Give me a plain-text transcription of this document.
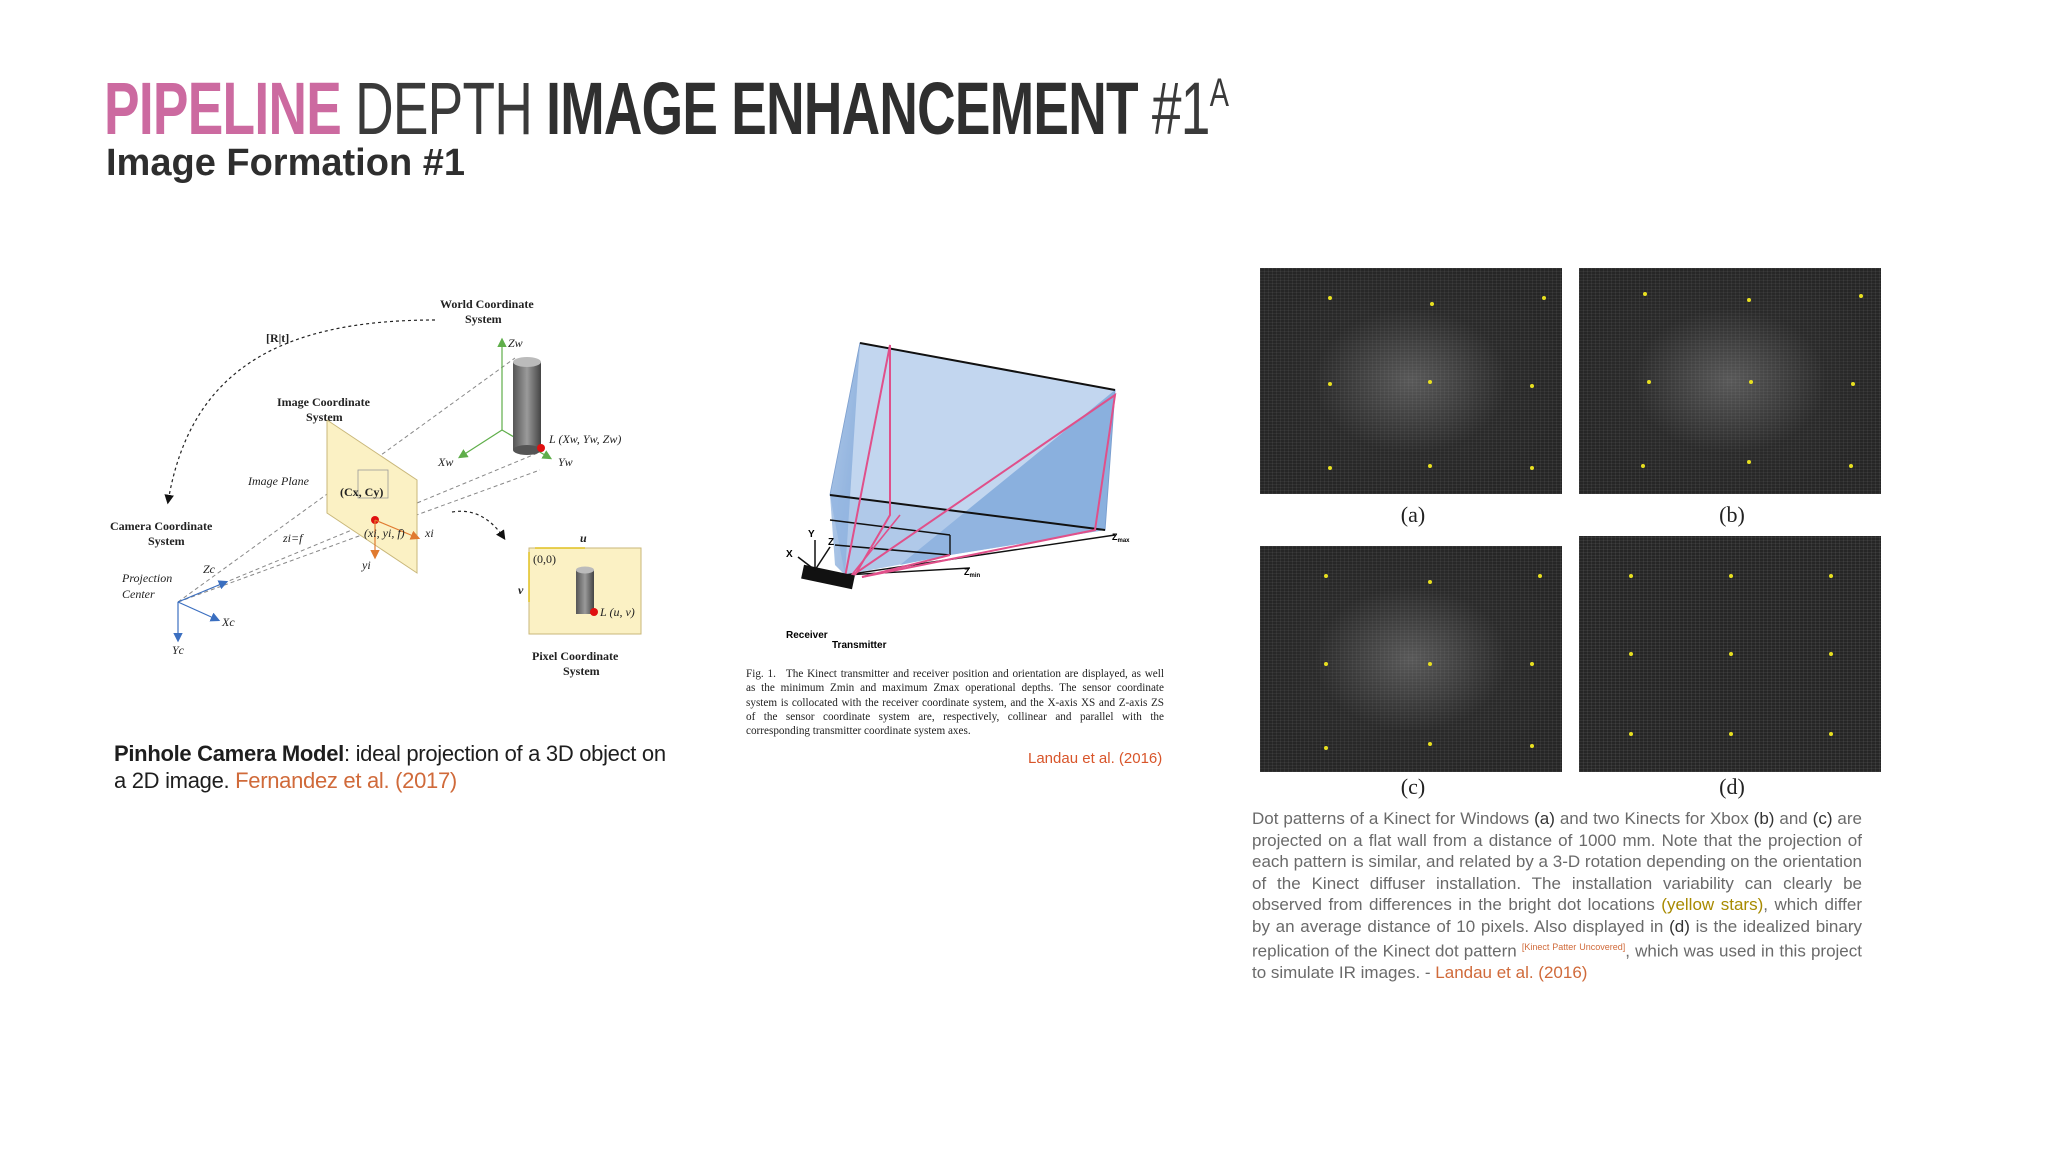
PIPELINE DEPTH IMAGE ENHANCEMENT $\#1^A$
Image Formation #1
World Coordinate
System
[R|t]
Image Coordinate
System
Zw
Xw	Yw
L (Xw, Yw, Zw)
Image Plane
(Cx, Cy)
Camera Coordinate
System	zi=f	(xi, yi, f) xi
yi
Zc
Projection
Center
Xc
Yc
u
v
(0,0)
L (u, v)
Pixel Coordinate
System
Pinhole Camera Model: ideal projection of a 3D object on a 2D image. Fernandez et al. (2017)
$Z_{max}$
$Z_{min}$
X
Y
Z
Receiver
Transmitter
Fig. 1. The Kinect transmitter and receiver position and orientation are displayed, as well as the minimum Zmin and maximum Zmax operational depths. The sensor coordinate system is collocated with the receiver coordinate system, and the X-axis XS and Z-axis ZS of the sensor coordinate system are, respectively, collinear and parallel with the corresponding transmitter coordinate system axes.
Landau et al. (2016)
(a)	(b)
(c)	(d)
Dot patterns of a Kinect for Windows (a) and two Kinects for Xbox (b) and (c) are projected on a flat wall from a distance of 1000 mm. Note that the projection of each pattern is similar, and related by a 3-D rotation depending on the orientation of the Kinect diffuser installation. The installation variability can clearly be observed from differences in the bright dot locations (yellow stars), which differ by an average distance of 10 pixels. Also displayed in (d) is the idealized binary replication of the Kinect dot pattern [Kinect Patter Uncovered], which was used in this project to simulate IR images. - Landau et al. (2016)
